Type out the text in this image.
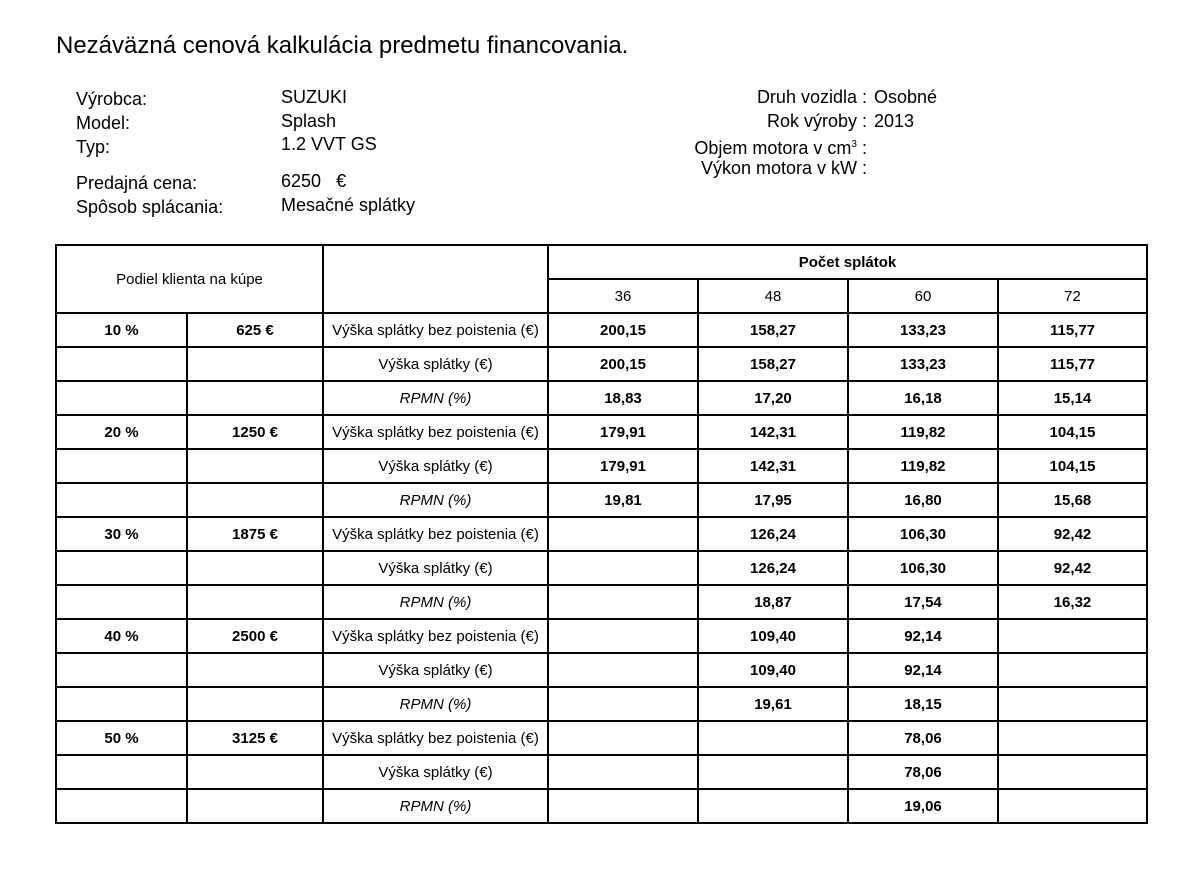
Nezáväzná cenová kalkulácia predmetu financovania.
Výrobca:	SUZUKI
Model:	Splash
Typ:	1.2 VVT GS
Predajná cena:	6250 €
Spôsob splácania:	Mesačné splátky
Druh vozidla : Osobné
Rok výroby : 2013
Objem motora v $cm^3$ :
Výkon motora v kW :
Podiel klienta na kúpe			Počet splátok			
			36	48	60	72
10 %	625 €	Výška splátky bez poistenia (€)	200,15	158,27	133,23	115,77
		Výška splátky (€)	200,15	158,27	133,23	115,77
		RPMN (%)	18,83	17,20	16,18	15,14
20 %	1250 €	Výška splátky bez poistenia (€)	179,91	142,31	119,82	104,15
		Výška splátky (€)	179,91	142,31	119,82	104,15
		RPMN (%)	19,81	17,95	16,80	15,68
30 %	1875 €	Výška splátky bez poistenia (€)		126,24	106,30	92,42
		Výška splátky (€)		126,24	106,30	92,42
		RPMN (%)		18,87	17,54	16,32
40 %	2500 €	Výška splátky bez poistenia (€)		109,40	92,14	
		Výška splátky (€)		109,40	92,14	
		RPMN (%)		19,61	18,15	
50 %	3125 €	Výška splátky bez poistenia (€)			78,06	
		Výška splátky (€)			78,06	
		RPMN (%)			19,06	
